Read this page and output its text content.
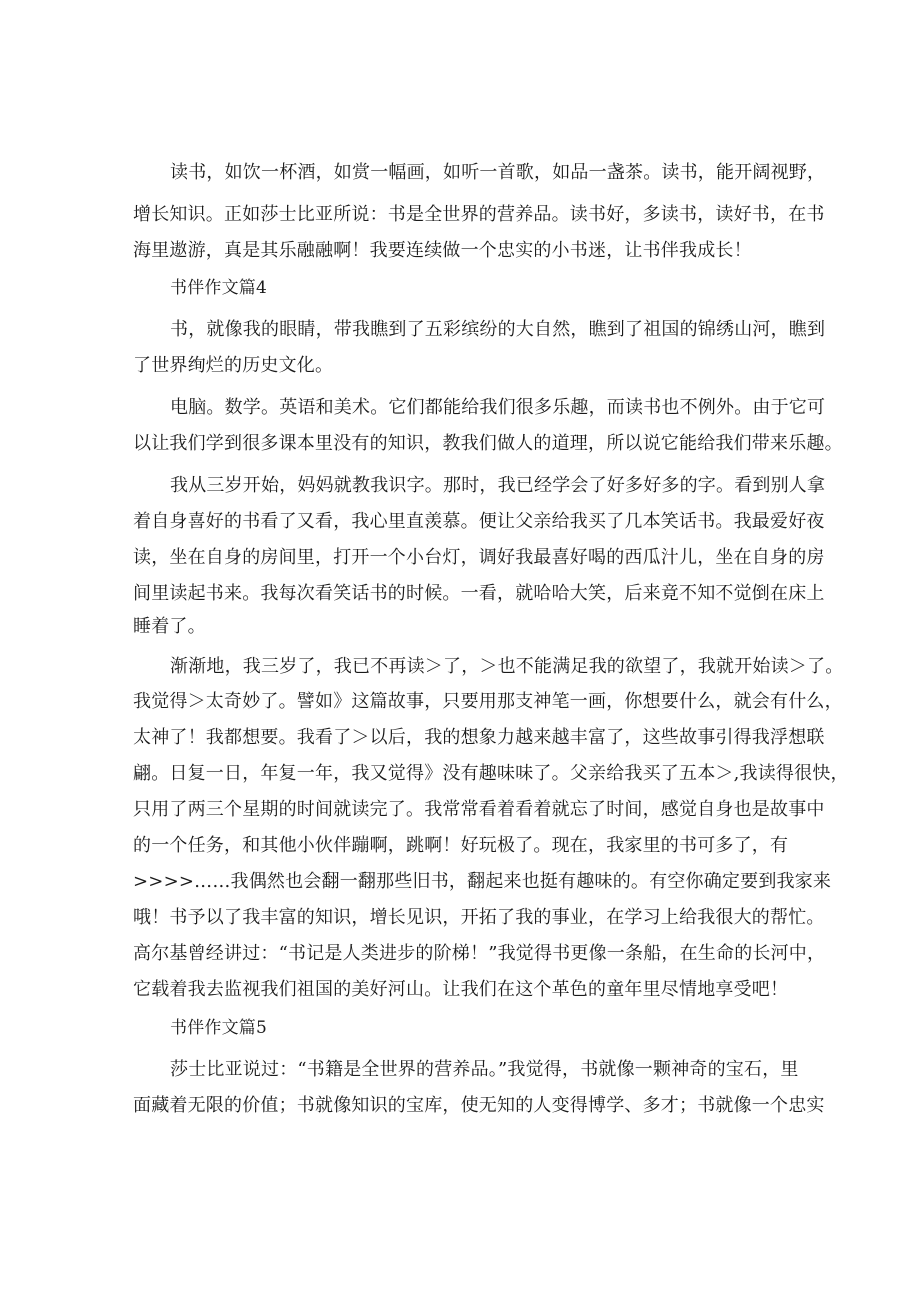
读书，如饮一杯酒，如赏一幅画，如听一首歌，如品一盏茶。读书，能开阔视野，
增长知识。正如莎士比亚所说：书是全世界的营养品。读书好，多读书，读好书，在书
海里遨游，真是其乐融融啊！我要连续做一个忠实的小书迷，让书伴我成长！
书伴作文篇4
书，就像我的眼睛，带我瞧到了五彩缤纷的大自然，瞧到了祖国的锦绣山河，瞧到
了世界绚烂的历史文化。
电脑。数学。英语和美术。它们都能给我们很多乐趣，而读书也不例外。由于它可
以让我们学到很多课本里没有的知识，教我们做人的道理，所以说它能给我们带来乐趣。
我从三岁开始，妈妈就教我识字。那时，我已经学会了好多好多的字。看到别人拿
着自身喜好的书看了又看，我心里直羡慕。便让父亲给我买了几本笑话书。我最爱好夜
读，坐在自身的房间里，打开一个小台灯，调好我最喜好喝的西瓜汁儿，坐在自身的房
间里读起书来。我每次看笑话书的时候。一看，就哈哈大笑，后来竟不知不觉倒在床上
睡着了。
渐渐地，我三岁了，我已不再读＞了，＞也不能满足我的欲望了，我就开始读＞了。
我觉得＞太奇妙了。譬如》这篇故事，只要用那支神笔一画，你想要什么，就会有什么，
太神了！我都想要。我看了＞以后，我的想象力越来越丰富了，这些故事引得我浮想联
翩。日复一日，年复一年，我又觉得》没有趣味味了。父亲给我买了五本＞,我读得很快，
只用了两三个星期的时间就读完了。我常常看着看着就忘了时间，感觉自身也是故事中
的一个任务，和其他小伙伴蹦啊，跳啊！好玩极了。现在，我家里的书可多了，有
>>>>……我偶然也会翻一翻那些旧书，翻起来也挺有趣味的。有空你确定要到我家来
哦！书予以了我丰富的知识，增长见识，开拓了我的事业，在学习上给我很大的帮忙。
高尔基曾经讲过：“书记是人类进步的阶梯！”我觉得书更像一条船，在生命的长河中，
它载着我去监视我们祖国的美好河山。让我们在这个革色的童年里尽情地享受吧！
书伴作文篇5
莎士比亚说过：“书籍是全世界的营养品。”我觉得，书就像一颗神奇的宝石，里
面藏着无限的价值；书就像知识的宝库，使无知的人变得博学、多才；书就像一个忠实
